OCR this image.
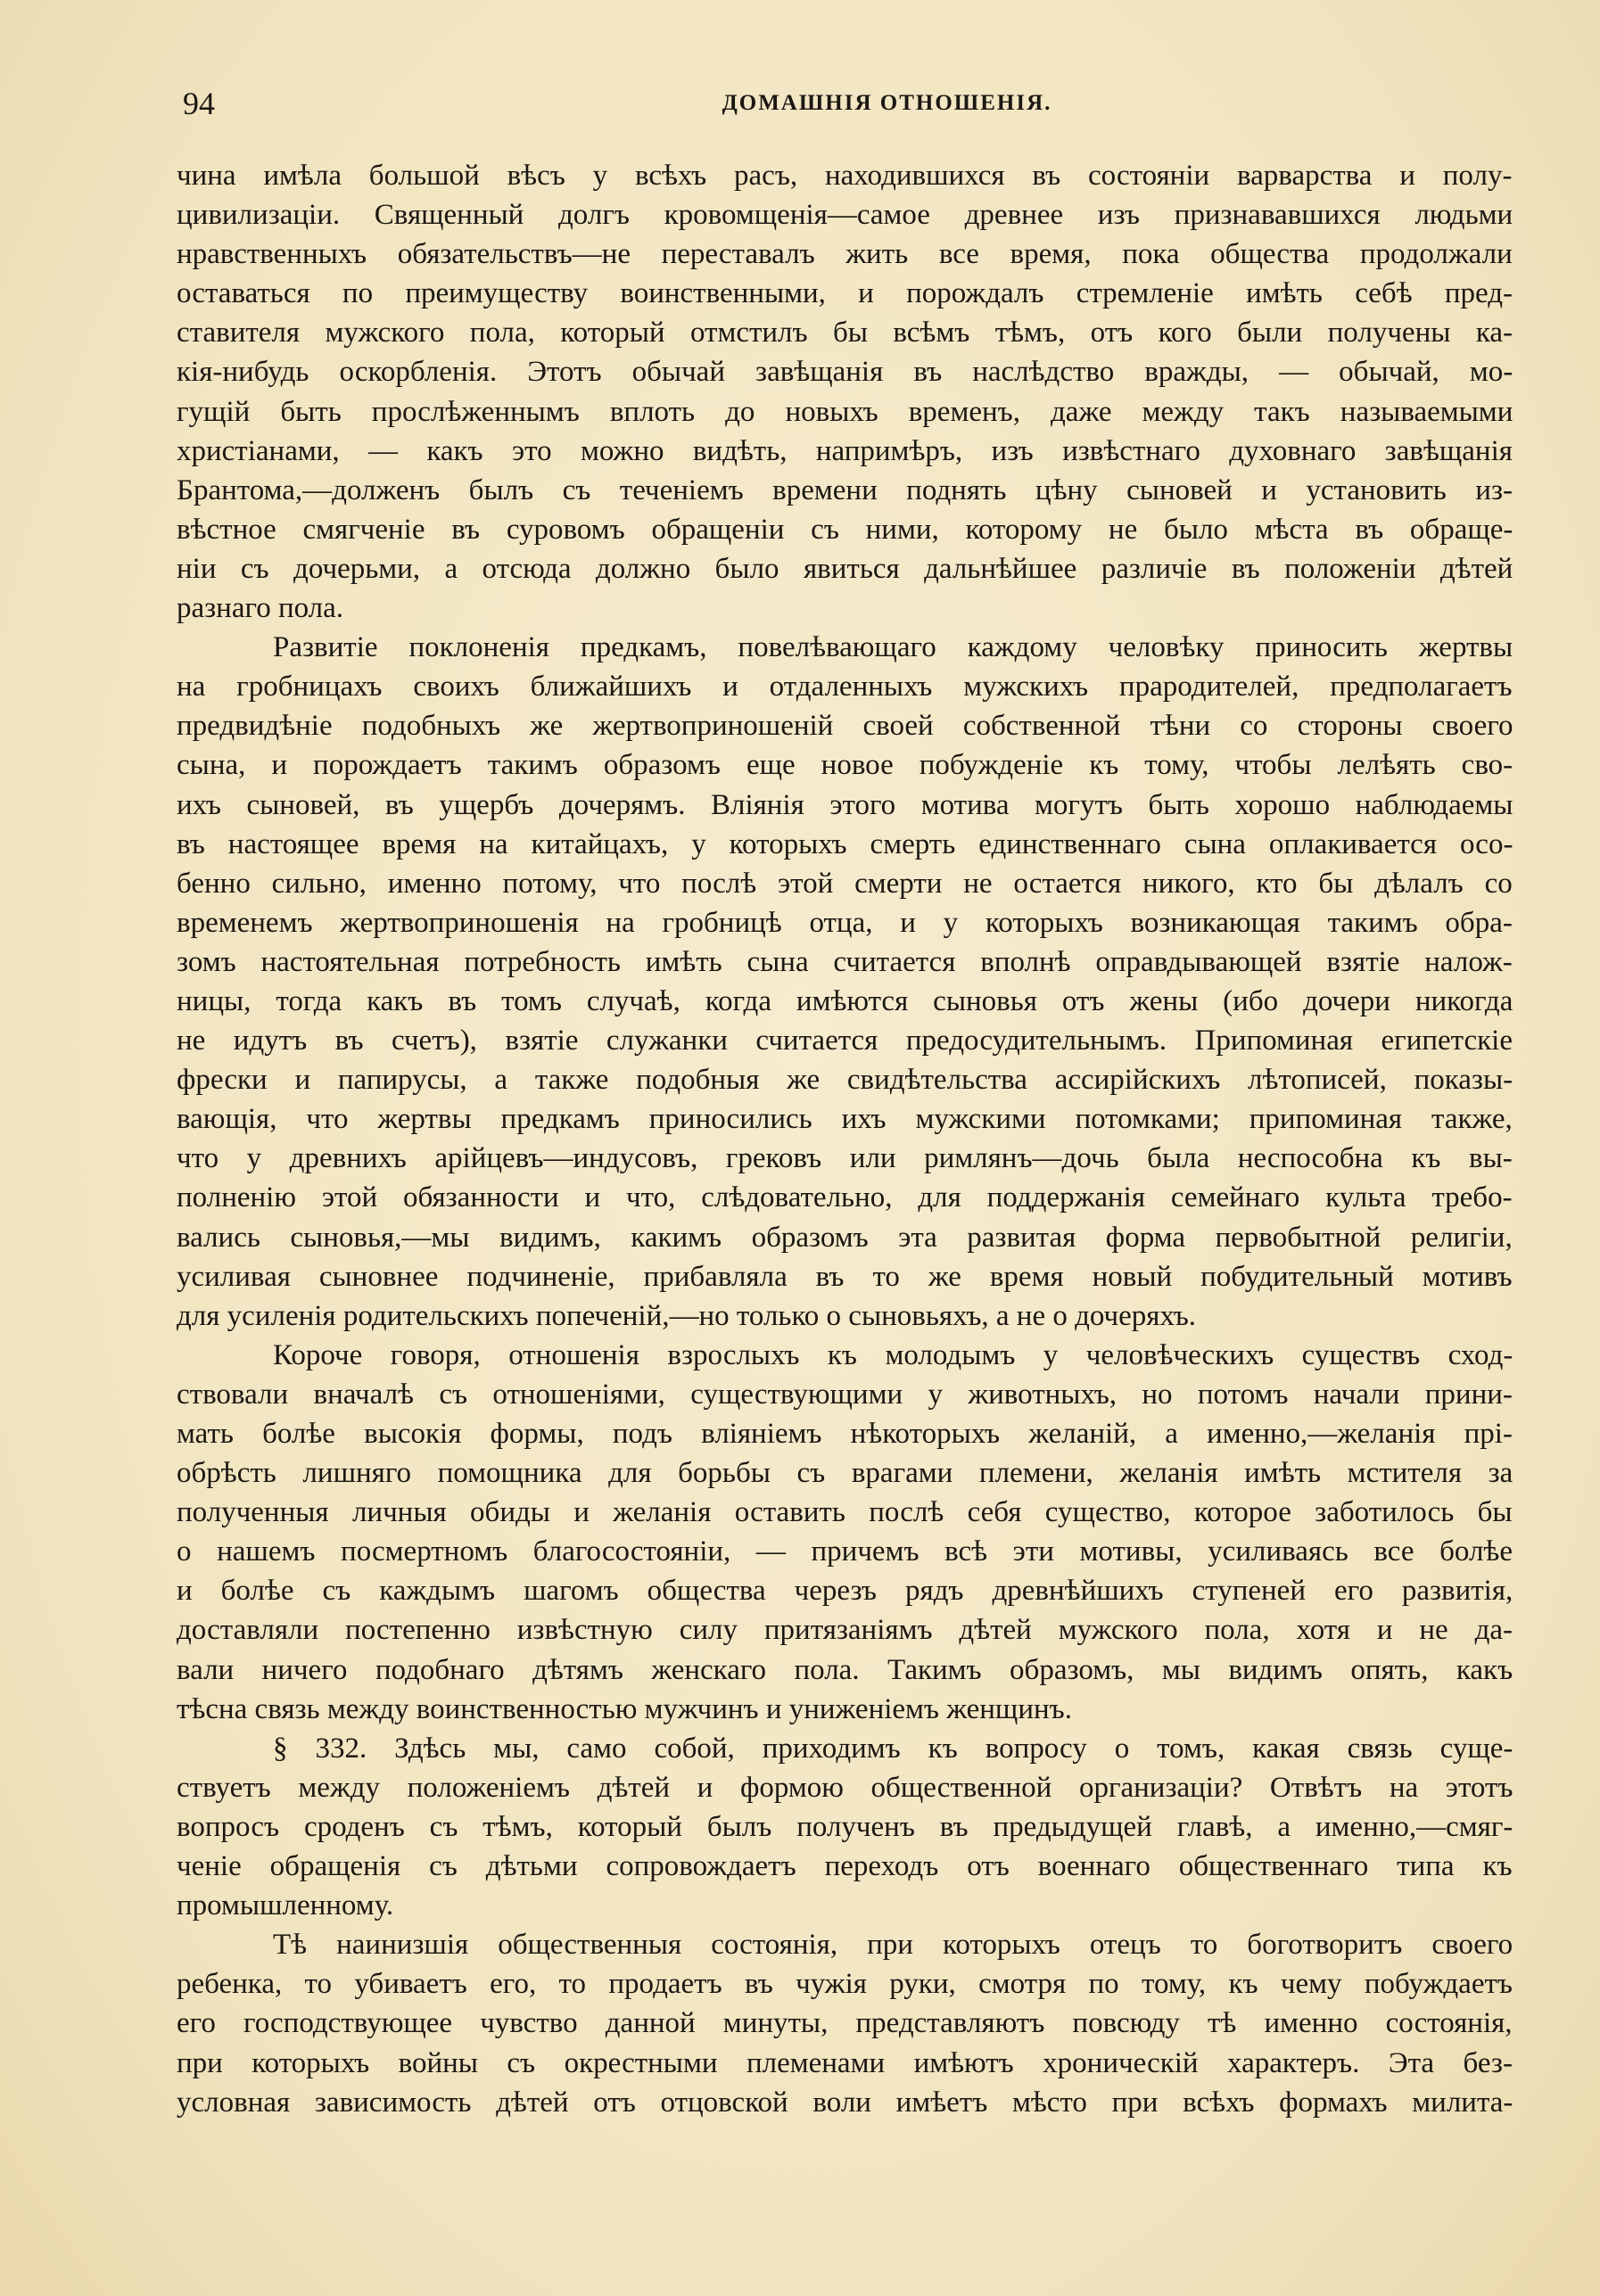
94	ДОМАШНІЯ ОТНОШЕНІЯ.
чина имѣла большой вѣсъ у всѣхъ расъ, находившихся въ состояніи варварства и полу-
цивилизаціи. Священный долгъ кровомщенія—самое древнее изъ признававшихся людьми
нравственныхъ обязательствъ—не переставалъ жить все время, пока общества продолжали
оставаться по преимуществу воинственными, и порождалъ стремленіе имѣть себѣ пред-
ставителя мужского пола, который отмстилъ бы всѣмъ тѣмъ, отъ кого были получены ка-
кія-нибудь оскорбленія. Этотъ обычай завѣщанія въ наслѣдство вражды, — обычай, мо-
гущій быть прослѣженнымъ вплоть до новыхъ временъ, даже между такъ называемыми
христіанами, — какъ это можно видѣть, напримѣръ, изъ извѣстнаго духовнаго завѣщанія
Брантома,—долженъ былъ съ теченіемъ времени поднять цѣну сыновей и установить из-
вѣстное смягченіе въ суровомъ обращеніи съ ними, которому не было мѣста въ обраще-
ніи съ дочерьми, а отсюда должно было явиться дальнѣйшее различіе въ положеніи дѣтей
разнаго пола.
Развитіе поклоненія предкамъ, повелѣвающаго каждому человѣку приносить жертвы
на гробницахъ своихъ ближайшихъ и отдаленныхъ мужскихъ прародителей, предполагаетъ
предвидѣніе подобныхъ же жертвоприношеній своей собственной тѣни со стороны своего
сына, и порождаетъ такимъ образомъ еще новое побужденіе къ тому, чтобы лелѣять сво-
ихъ сыновей, въ ущербъ дочерямъ. Вліянія этого мотива могутъ быть хорошо наблюдаемы
въ настоящее время на китайцахъ, у которыхъ смерть единственнаго сына оплакивается осо-
бенно сильно, именно потому, что послѣ этой смерти не остается никого, кто бы дѣлалъ со
временемъ жертвоприношенія на гробницѣ отца, и у которыхъ возникающая такимъ обра-
зомъ настоятельная потребность имѣть сына считается вполнѣ оправдывающей взятіе налож-
ницы, тогда какъ въ томъ случаѣ, когда имѣются сыновья отъ жены (ибо дочери никогда
не идутъ въ счетъ), взятіе служанки считается предосудительнымъ. Припоминая египетскіе
фрески и папирусы, а также подобныя же свидѣтельства ассирійскихъ лѣтописей, показы-
вающія, что жертвы предкамъ приносились ихъ мужскими потомками; припоминая также,
что у древнихъ арійцевъ—индусовъ, грековъ или римлянъ—дочь была неспособна къ вы-
полненію этой обязанности и что, слѣдовательно, для поддержанія семейнаго культа требо-
вались сыновья,—мы видимъ, какимъ образомъ эта развитая форма первобытной религіи,
усиливая сыновнее подчиненіе, прибавляла въ то же время новый побудительный мотивъ
для усиленія родительскихъ попеченій,—но только о сыновьяхъ, а не о дочеряхъ.
Короче говоря, отношенія взрослыхъ къ молодымъ у человѣческихъ существъ сход-
ствовали вначалѣ съ отношеніями, существующими у животныхъ, но потомъ начали прини-
мать болѣе высокія формы, подъ вліяніемъ нѣкоторыхъ желаній, а именно,—желанія прі-
обрѣсть лишняго помощника для борьбы съ врагами племени, желанія имѣть мстителя за
полученныя личныя обиды и желанія оставить послѣ себя существо, которое заботилось бы
о нашемъ посмертномъ благосостояніи, — причемъ всѣ эти мотивы, усиливаясь все болѣе
и болѣе съ каждымъ шагомъ общества черезъ рядъ древнѣйшихъ ступеней его развитія,
доставляли постепенно извѣстную силу притязаніямъ дѣтей мужского пола, хотя и не да-
вали ничего подобнаго дѣтямъ женскаго пола. Такимъ образомъ, мы видимъ опять, какъ
тѣсна связь между воинственностью мужчинъ и униженіемъ женщинъ.
§ 332. Здѣсь мы, само собой, приходимъ къ вопросу о томъ, какая связь суще-
ствуетъ между положеніемъ дѣтей и формою общественной организаціи? Отвѣтъ на этотъ
вопросъ сроденъ съ тѣмъ, который былъ полученъ въ предыдущей главѣ, а именно,—смяг-
ченіе обращенія съ дѣтьми сопровождаетъ переходъ отъ военнаго общественнаго типа къ
промышленному.
Тѣ наинизшія общественныя состоянія, при которыхъ отецъ то боготворитъ своего
ребенка, то убиваетъ его, то продаетъ въ чужія руки, смотря по тому, къ чему побуждаетъ
его господствующее чувство данной минуты, представляютъ повсюду тѣ именно состоянія,
при которыхъ войны съ окрестными племенами имѣютъ хроническій характеръ. Эта без-
условная зависимость дѣтей отъ отцовской воли имѣетъ мѣсто при всѣхъ формахъ милита-
